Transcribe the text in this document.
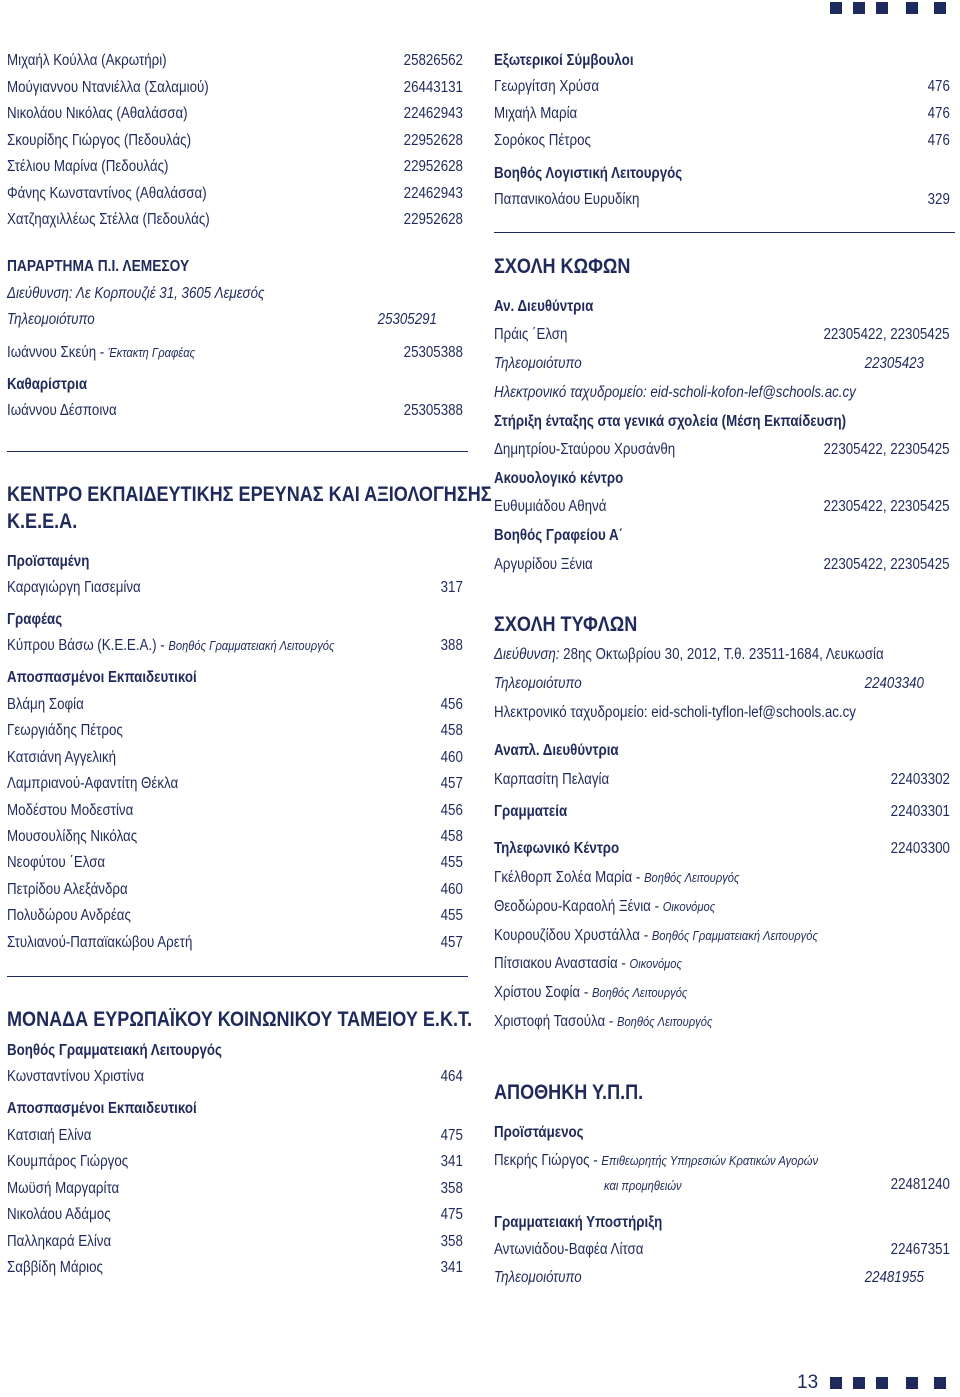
Μιχαήλ Κούλλα (Ακρωτήρι)	25826562
Μούγιαννου Ντανιέλλα (Σαλαμιού)	26443131
Νικολάου Νικόλας (Αθαλάσσα)	22462943
Σκουρίδης Γιώργος (Πεδουλάς)	22952628
Στέλιου Μαρίνα (Πεδουλάς)	22952628
Φάνης Κωνσταντίνος (Αθαλάσσα)	22462943
Χατζηαχιλλέως Στέλλα (Πεδουλάς)	22952628
ΠΑΡΑΡΤΗΜΑ Π.Ι. ΛΕΜΕΣΟΥ
Διεύθυνση: Λε Κορπουζιέ 31, 3605 Λεμεσός
Τηλεομοιότυπο	25305291
Ιωάννου Σκεύη - Έκτακτη Γραφέας	25305388
Καθαρίστρια
Ιωάννου Δέσποινα	25305388
ΚΕΝΤΡΟ ΕΚΠΑΙΔΕΥΤΙΚΗΣ ΕΡΕΥΝΑΣ ΚΑΙ ΑΞΙΟΛΟΓΗΣΗΣ
Κ.Ε.Ε.Α.
Προϊσταμένη
Καραγιώργη Γιασεμίνα	317
Γραφέας
Κύπρου Βάσω (Κ.Ε.Ε.Α.) - Βοηθός Γραμματειακή Λειτουργός	388
Αποσπασμένοι Εκπαιδευτικοί
Βλάμη Σοφία	456
Γεωργιάδης Πέτρος	458
Κατσιάνη Αγγελική	460
Λαμπριανού-Αφαντίτη Θέκλα	457
Μοδέστου Μοδεστίνα	456
Μουσουλίδης Νικόλας	458
Νεοφύτου ΄Ελσα	455
Πετρίδου Αλεξάνδρα	460
Πολυδώρου Ανδρέας	455
Στυλιανού-Παπαϊακώβου Αρετή	457
ΜΟΝΑΔΑ ΕΥΡΩΠΑΪΚΟΥ ΚΟΙΝΩΝΙΚΟΥ ΤΑΜΕΙΟΥ Ε.Κ.Τ.
Βοηθός Γραμματειακή Λειτουργός
Κωνσταντίνου Χριστίνα	464
Αποσπασμένοι Εκπαιδευτικοί
Κατσιαή Ελίνα	475
Κουμπάρος Γιώργος	341
Μωϋσή Μαργαρίτα	358
Νικολάου Αδάμος	475
Παλληκαρά Ελίνα	358
Σαββίδη Μάριος	341
Εξωτερικοί Σύμβουλοι
Γεωργίτση Χρύσα	476
Μιχαήλ Μαρία	476
Σορόκος Πέτρος	476
Βοηθός Λογιστική Λειτουργός
Παπανικολάου Ευρυδίκη	329
ΣΧΟΛΗ ΚΩΦΩΝ
Αν. Διευθύντρια
Πράις ΄Ελση	22305422, 22305425
Τηλεομοιότυπο	22305423
Ηλεκτρονικό ταχυδρομείο: eid-scholi-kofon-lef@schools.ac.cy
Στήριξη ένταξης στα γενικά σχολεία (Μέση Εκπαίδευση)
Δημητρίου-Σταύρου Χρυσάνθη	22305422, 22305425
Ακουολογικό κέντρο
Ευθυμιάδου Αθηνά	22305422, 22305425
Βοηθός Γραφείου Α΄
Αργυρίδου Ξένια	22305422, 22305425
ΣΧΟΛΗ ΤΥΦΛΩΝ
Διεύθυνση: 28ης Οκτωβρίου 30, 2012, Τ.θ. 23511-1684, Λευκωσία
Τηλεομοιότυπο	22403340
Ηλεκτρονικό ταχυδρομείο: eid-scholi-tyflon-lef@schools.ac.cy
Αναπλ. Διευθύντρια
Καρπασίτη Πελαγία	22403302
Γραμματεία	22403301
Τηλεφωνικό Κέντρο	22403300
Γκέλθορπ Σολέα Μαρία - Βοηθός Λειτουργός
Θεοδώρου-Καραολή Ξένια - Οικονόμος
Κουρουζίδου Χρυστάλλα - Βοηθός Γραμματειακή Λειτουργός
Πίτσιακου Αναστασία - Οικονόμος
Χρίστου Σοφία - Βοηθός Λειτουργός
Χριστοφή Τασούλα - Βοηθός Λειτουργός
ΑΠΟΘΗΚΗ Υ.Π.Π.
Προϊστάμενος
Πεκρής Γιώργος - Επιθεωρητής Υπηρεσιών Κρατικών Αγορών
και προμηθειών	22481240
Γραμματειακή Υποστήριξη
Αντωνιάδου-Βαφέα Λίτσα	22467351
Τηλεομοιότυπο	22481955
13
